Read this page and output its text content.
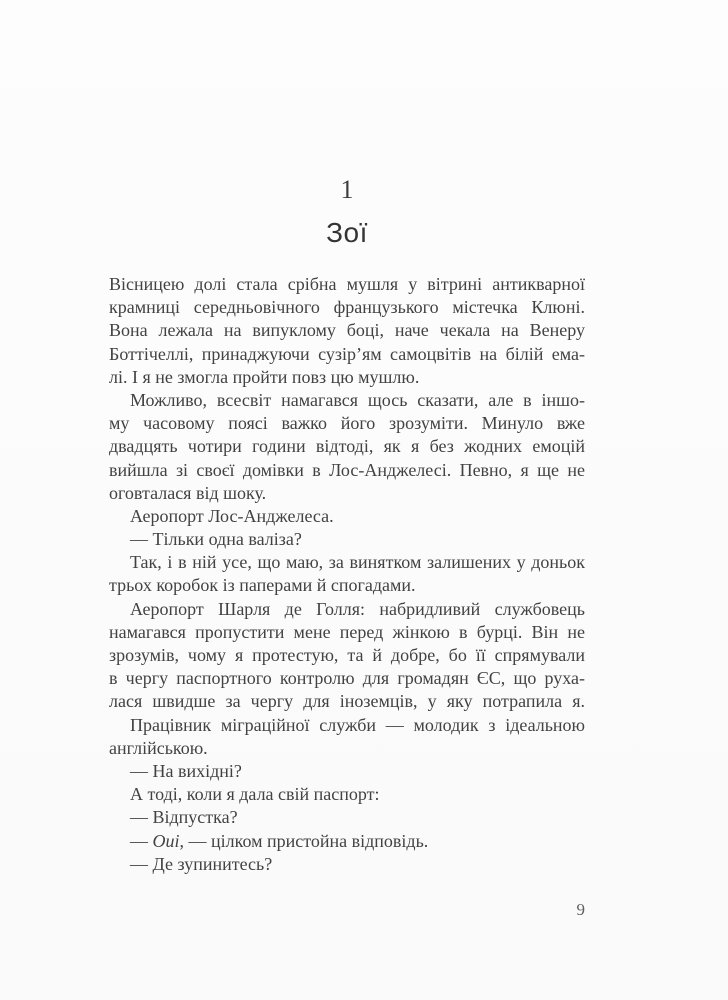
1
Зої
Вісницею долі стала срібна мушля у вітрині антикварної
крамниці середньовічного французького містечка Клюні.
Вона лежала на випуклому боці, наче чекала на Венеру
Боттічеллі, принаджуючи сузір’ям самоцвітів на білій ема-
лі. І я не змогла пройти повз цю мушлю.
Можливо, всесвіт намагався щось сказати, але в іншо-
му часовому поясі важко його зрозуміти. Минуло вже
двадцять чотири години відтоді, як я без жодних емоцій
вийшла зі своєї домівки в Лос-Анджелесі. Певно, я ще не
оговталася від шоку.
Аеропорт Лос-Анджелеса.
— Тільки одна валіза?
Так, і в ній усе, що маю, за винятком залишених у доньок
трьох коробок із паперами й спогадами.
Аеропорт Шарля де Голля: набридливий службовець
намагався пропустити мене перед жінкою в бурці. Він не
зрозумів, чому я протестую, та й добре, бо її спрямували
в чергу паспортного контролю для громадян ЄС, що руха-
лася швидше за чергу для іноземців, у яку потрапила я.
Працівник міграційної служби — молодик з ідеальною
англійською.
— На вихідні?
А тоді, коли я дала свій паспорт:
— Відпустка?
— Oui, — цілком пристойна відповідь.
— Де зупинитесь?
9
